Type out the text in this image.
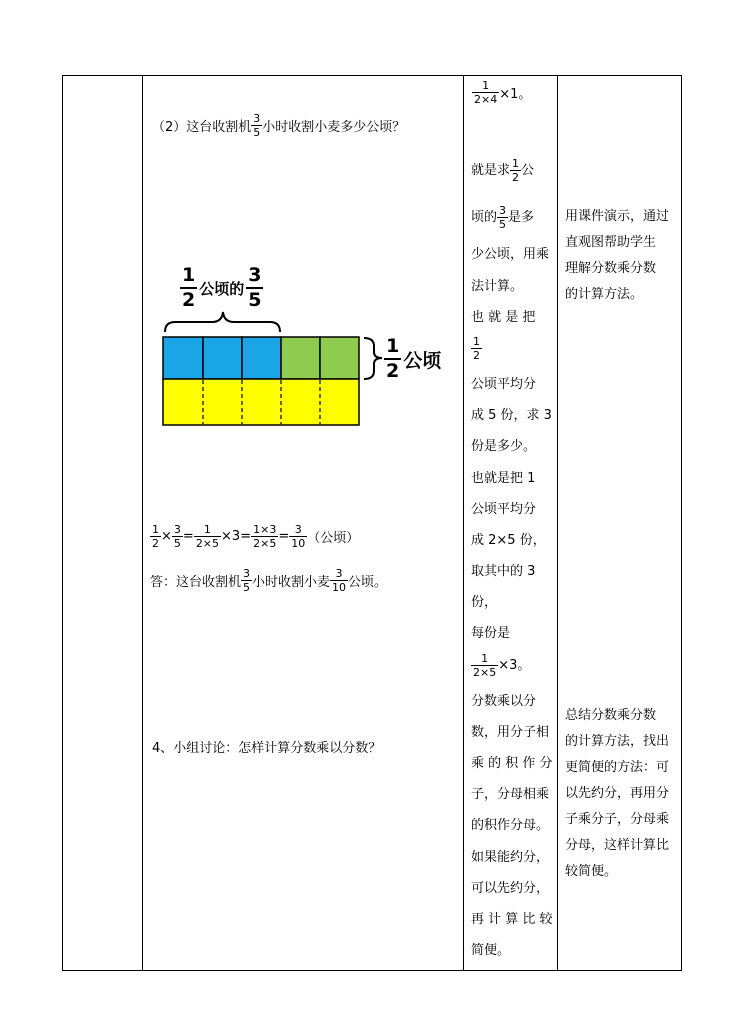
（2）这台收割机 $\frac{3}{5}$ 小时收割小麦多少公顷？
$\frac{1}{2}$ 公顷的 $\frac{3}{5}$
$\frac{1}{2}$ 公顷
$\frac{1}{2} \times \frac{3}{5} = \frac{1}{2\times 5} \times 3= \frac{1\times 3}{2\times 5} = \frac{3}{10}$ （公顷）
答：这台收割机 $\frac{3}{5}$ 小时收割小麦 $\frac{3}{10}$ 公顷。
4、小组讨论：怎样计算分数乘以分数？
$\frac{1}{2\times 4} \times 1$。
就是求 $\frac{1}{2}$ 公
顷的 $\frac{3}{5}$ 是多
少公顷，用乘
法计算。
也 就 是 把
$\frac{1}{2}$
公顷平均分
成 5 份，求 3
份是多少。
也就是把 1
公顷平均分
成 2×5 份，
取其中的 3
份，
每份是
$\frac{1}{2\times 5} \times 3$。
分数乘以分
数，用分子相
乘 的 积 作 分
子，分母相乘
的积作分母。
如果能约分，
可以先约分，
再 计 算 比 较
简便。
用课件演示，通过
直观图帮助学生
理解分数乘分数
的计算方法。
总结分数乘分数
的计算方法，找出
更简便的方法：可
以先约分，再用分
子乘分子，分母乘
分母，这样计算比
较简便。
